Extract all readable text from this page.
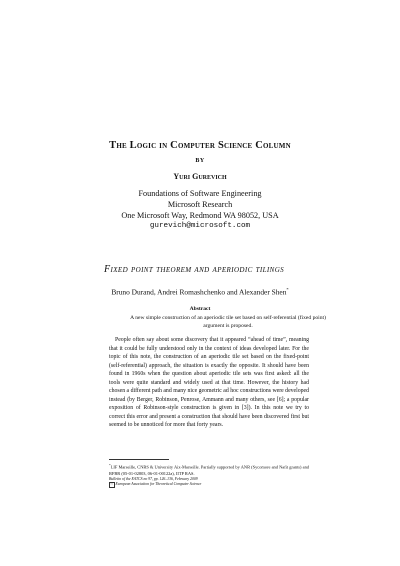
The Logic in Computer Science Column
BY
Yuri Gurevich
Foundations of Software Engineering
Microsoft Research
One Microsoft Way, Redmond WA 98052, USA
gurevich@microsoft.com
Fixed point theorem and aperiodic tilings
Bruno Durand, Andrei Romashchenko and Alexander Shen*
Abstract
A new simple construction of an aperiodic tile set based on self-referential (fixed point) argument is proposed.
People often say about some discovery that it appeared “ahead of time”, meaning that it could be fully understood only in the context of ideas developed later. For the topic of this note, the construction of an aperiodic tile set based on the fixed-point (self-referential) approach, the situation is exactly the opposite. It should have been found in 1960s when the question about aperiodic tile sets was first asked: all the tools were quite standard and widely used at that time. However, the history had chosen a different path and many nice geometric ad hoc constructions were developed instead (by Berger, Robinson, Penrose, Ammann and many others, see [6]; a popular exposition of Robinson-style construction is given in [3]). In this note we try to correct this error and present a construction that should have been discovered first but seemed to be unnoticed for more that forty years.
*LIF Marseille, CNRS & University Aix-Marseille. Partially supported by ANR (Sycomore and Nafit grants) and RFBR (05-01-02803, 06-01-00122a), IITP RAS.
Bulletin of the EATCS no 97, pp. 126–136, February 2009
© European Association for Theoretical Computer Science
